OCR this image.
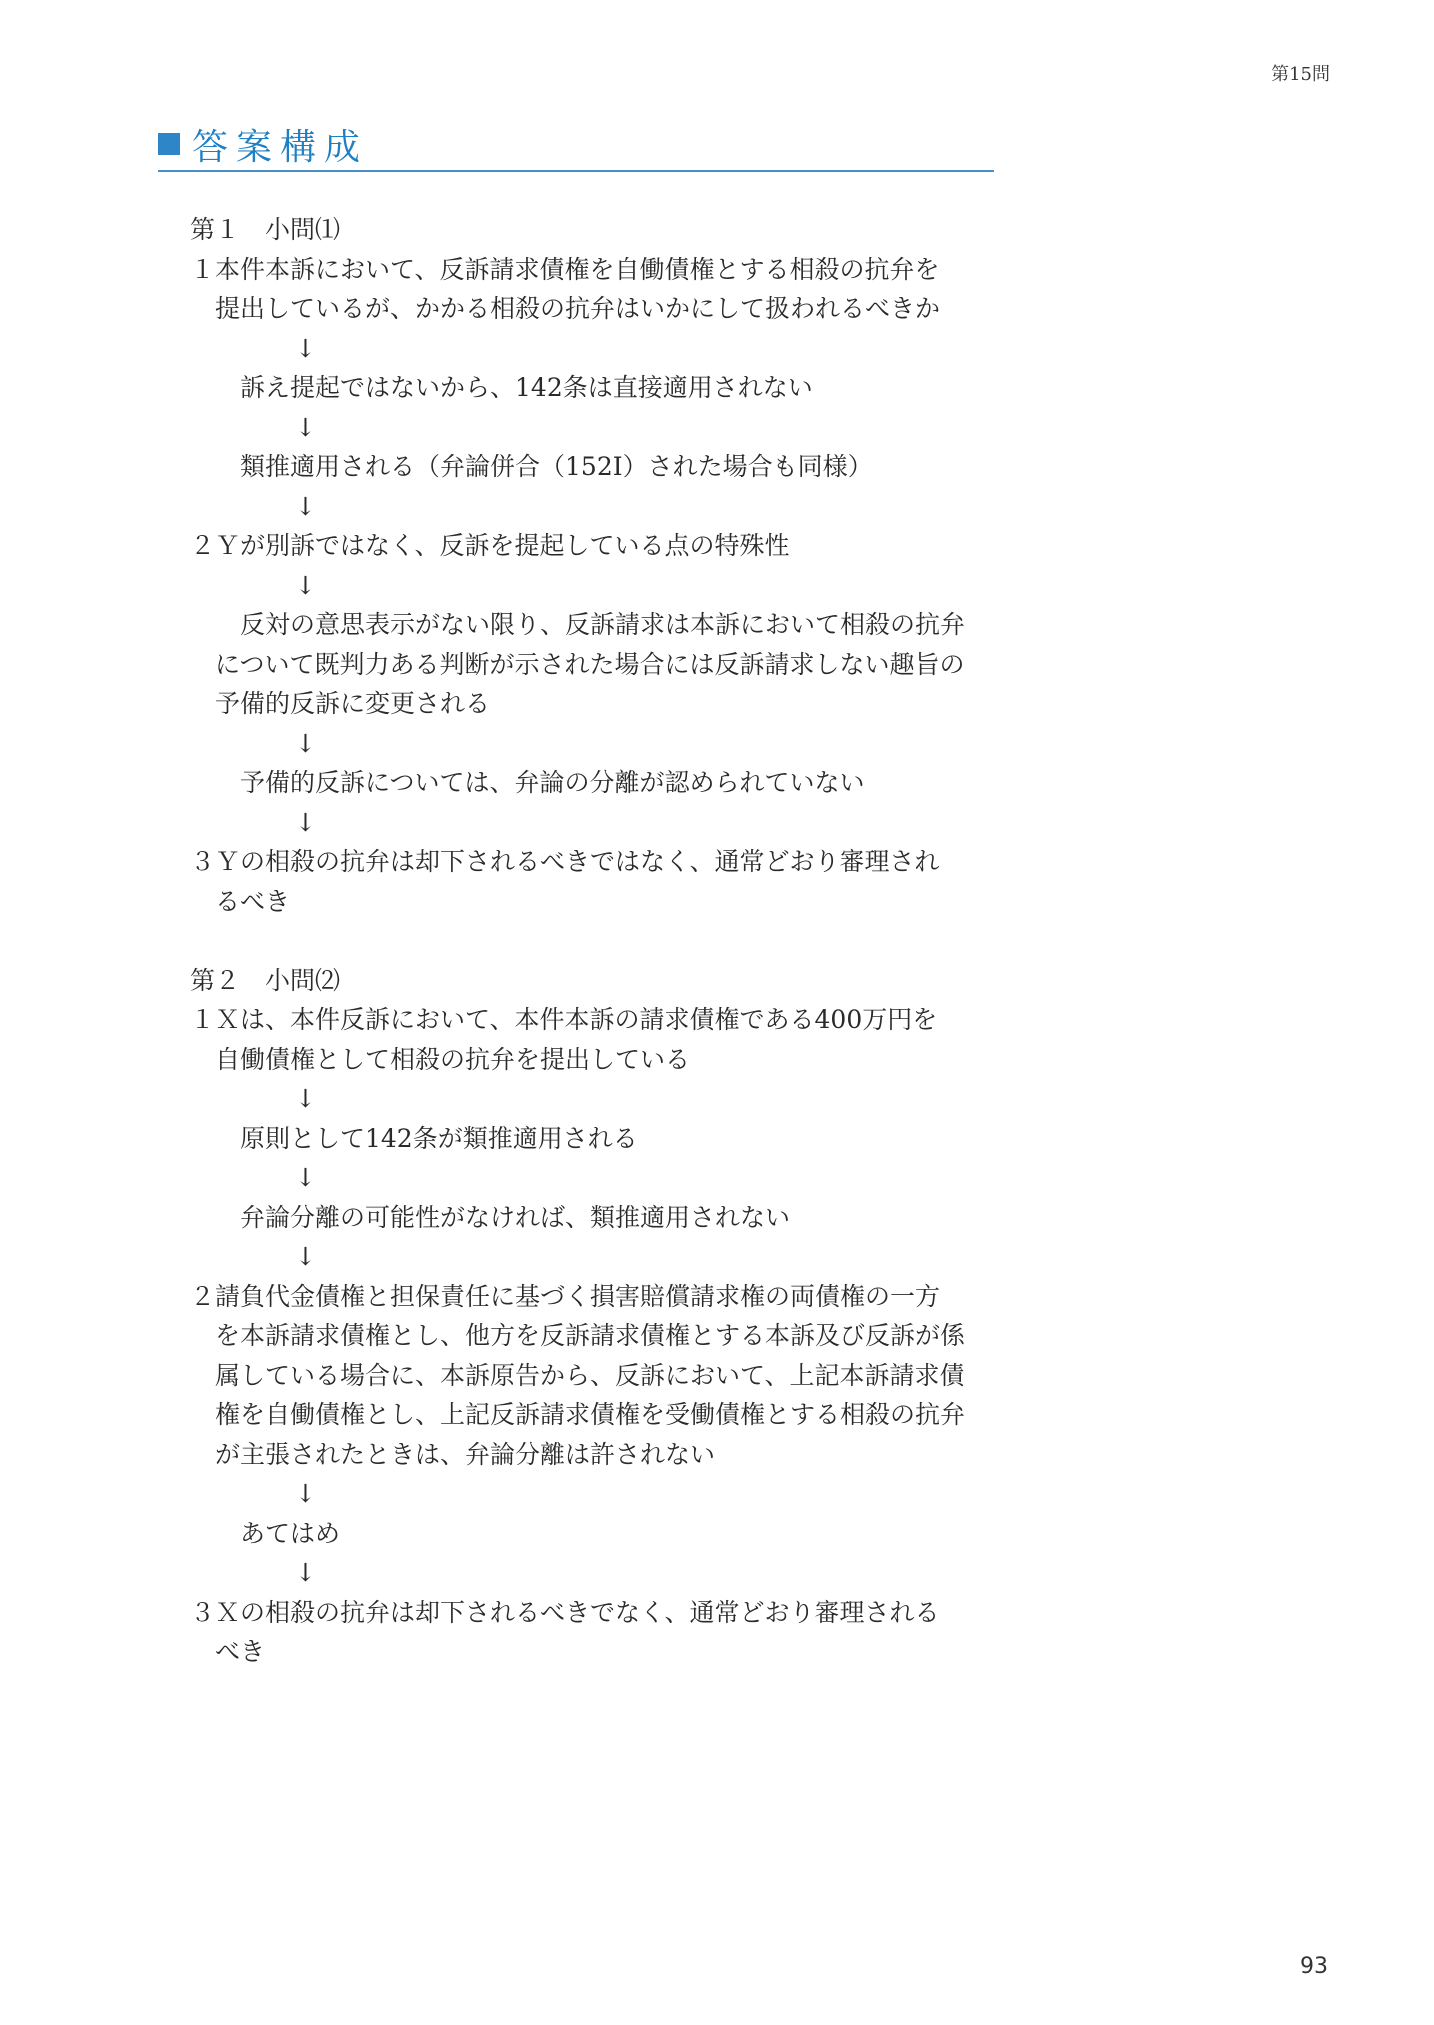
第15問
答案構成
第１　小問⑴
１本件本訴において、反訴請求債権を自働債権とする相殺の抗弁を
提出しているが、かかる相殺の抗弁はいかにして扱われるべきか
↓
訴え提起ではないから、142条は直接適用されない
↓
類推適用される（弁論併合（152Ⅰ）された場合も同様）
↓
２Ｙが別訴ではなく、反訴を提起している点の特殊性
↓
反対の意思表示がない限り、反訴請求は本訴において相殺の抗弁
について既判力ある判断が示された場合には反訴請求しない趣旨の
予備的反訴に変更される
↓
予備的反訴については、弁論の分離が認められていない
↓
３Ｙの相殺の抗弁は却下されるべきではなく、通常どおり審理され
るべき
第２　小問⑵
１Ｘは、本件反訴において、本件本訴の請求債権である400万円を
自働債権として相殺の抗弁を提出している
↓
原則として142条が類推適用される
↓
弁論分離の可能性がなければ、類推適用されない
↓
２請負代金債権と担保責任に基づく損害賠償請求権の両債権の一方
を本訴請求債権とし、他方を反訴請求債権とする本訴及び反訴が係
属している場合に、本訴原告から、反訴において、上記本訴請求債
権を自働債権とし、上記反訴請求債権を受働債権とする相殺の抗弁
が主張されたときは、弁論分離は許されない
↓
あてはめ
↓
３Ｘの相殺の抗弁は却下されるべきでなく、通常どおり審理される
べき
93
